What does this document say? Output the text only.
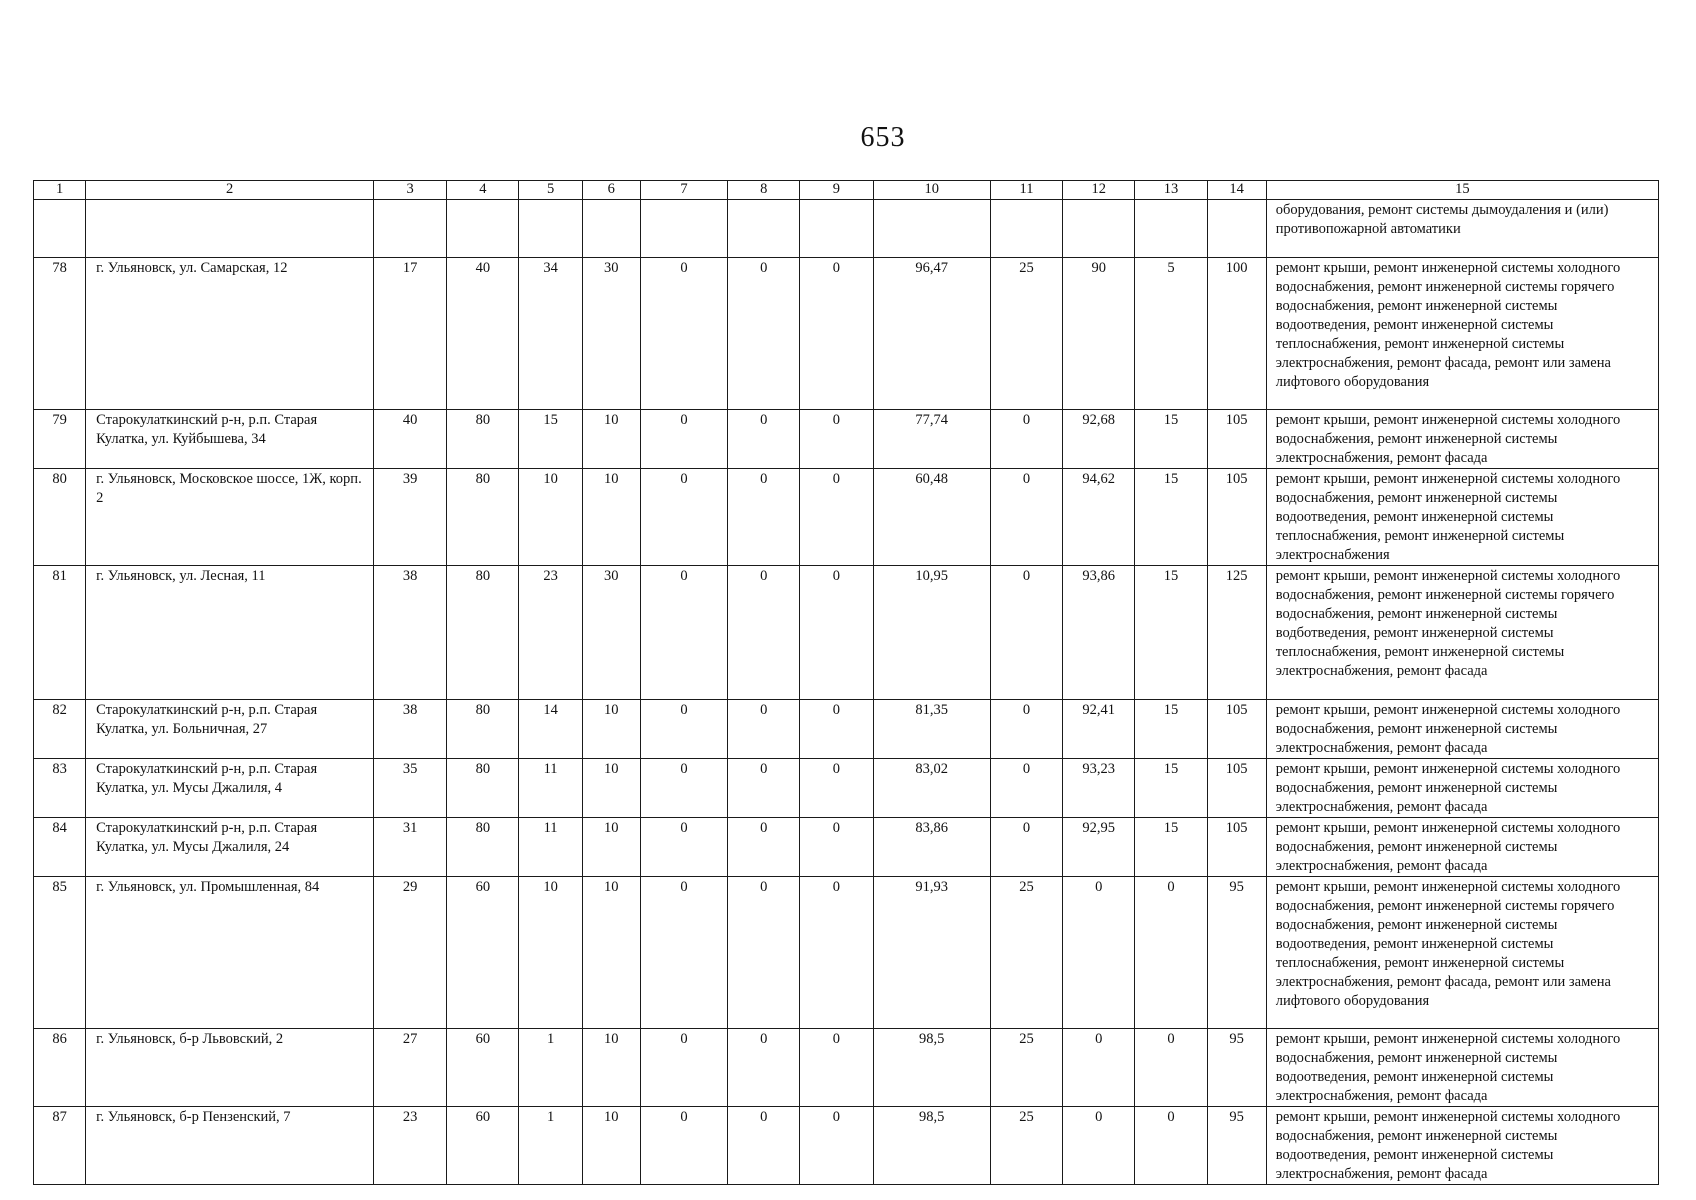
653
1	2	3	4	5	6	7	8	9	10	11	12	13	14	15
														оборудования, ремонт системы дымоудаления и (или) противопожарной автоматики
78	г. Ульяновск, ул. Самарская, 12	17	40	34	30	0	0	0	96,47	25	90	5	100	ремонт крыши, ремонт инженерной системы холодного водоснабжения, ремонт инженерной системы горячего водоснабжения, ремонт инженерной системы водоотведения, ремонт инженерной системы теплоснабжения, ремонт инженерной системы электроснабжения, ремонт фасада, ремонт или замена лифтового оборудования
79	Старокулаткинский р-н, р.п. Старая Кулатка, ул. Куйбышева, 34	40	80	15	10	0	0	0	77,74	0	92,68	15	105	ремонт крыши, ремонт инженерной системы холодного водоснабжения, ремонт инженерной системы электроснабжения, ремонт фасада
80	г. Ульяновск, Московское шоссе, 1Ж, корп. 2	39	80	10	10	0	0	0	60,48	0	94,62	15	105	ремонт крыши, ремонт инженерной системы холодного водоснабжения, ремонт инженерной системы водоотведения, ремонт инженерной системы теплоснабжения, ремонт инженерной системы электроснабжения
81	г. Ульяновск, ул. Лесная, 11	38	80	23	30	0	0	0	10,95	0	93,86	15	125	ремонт крыши, ремонт инженерной системы холодного водоснабжения, ремонт инженерной системы горячего водоснабжения, ремонт инженерной системы водботведения, ремонт инженерной системы теплоснабжения, ремонт инженерной системы электроснабжения, ремонт фасада
82	Старокулаткинский р-н, р.п. Старая Кулатка, ул. Больничная, 27	38	80	14	10	0	0	0	81,35	0	92,41	15	105	ремонт крыши, ремонт инженерной системы холодного водоснабжения, ремонт инженерной системы электроснабжения, ремонт фасада
83	Старокулаткинский р-н, р.п. Старая Кулатка, ул. Мусы Джалиля, 4	35	80	11	10	0	0	0	83,02	0	93,23	15	105	ремонт крыши, ремонт инженерной системы холодного водоснабжения, ремонт инженерной системы электроснабжения, ремонт фасада
84	Старокулаткинский р-н, р.п. Старая Кулатка, ул. Мусы Джалиля, 24	31	80	11	10	0	0	0	83,86	0	92,95	15	105	ремонт крыши, ремонт инженерной системы холодного водоснабжения, ремонт инженерной системы электроснабжения, ремонт фасада
85	г. Ульяновск, ул. Промышленная, 84	29	60	10	10	0	0	0	91,93	25	0	0	95	ремонт крыши, ремонт инженерной системы холодного водоснабжения, ремонт инженерной системы горячего водоснабжения, ремонт инженерной системы водоотведения, ремонт инженерной системы теплоснабжения, ремонт инженерной системы электроснабжения, ремонт фасада, ремонт или замена лифтового оборудования
86	г. Ульяновск, б-р Львовский, 2	27	60	1	10	0	0	0	98,5	25	0	0	95	ремонт крыши, ремонт инженерной системы холодного водоснабжения, ремонт инженерной системы водоотведения, ремонт инженерной системы электроснабжения, ремонт фасада
87	г. Ульяновск, б-р Пензенский, 7	23	60	1	10	0	0	0	98,5	25	0	0	95	ремонт крыши, ремонт инженерной системы холодного водоснабжения, ремонт инженерной системы водоотведения, ремонт инженерной системы электроснабжения, ремонт фасада
